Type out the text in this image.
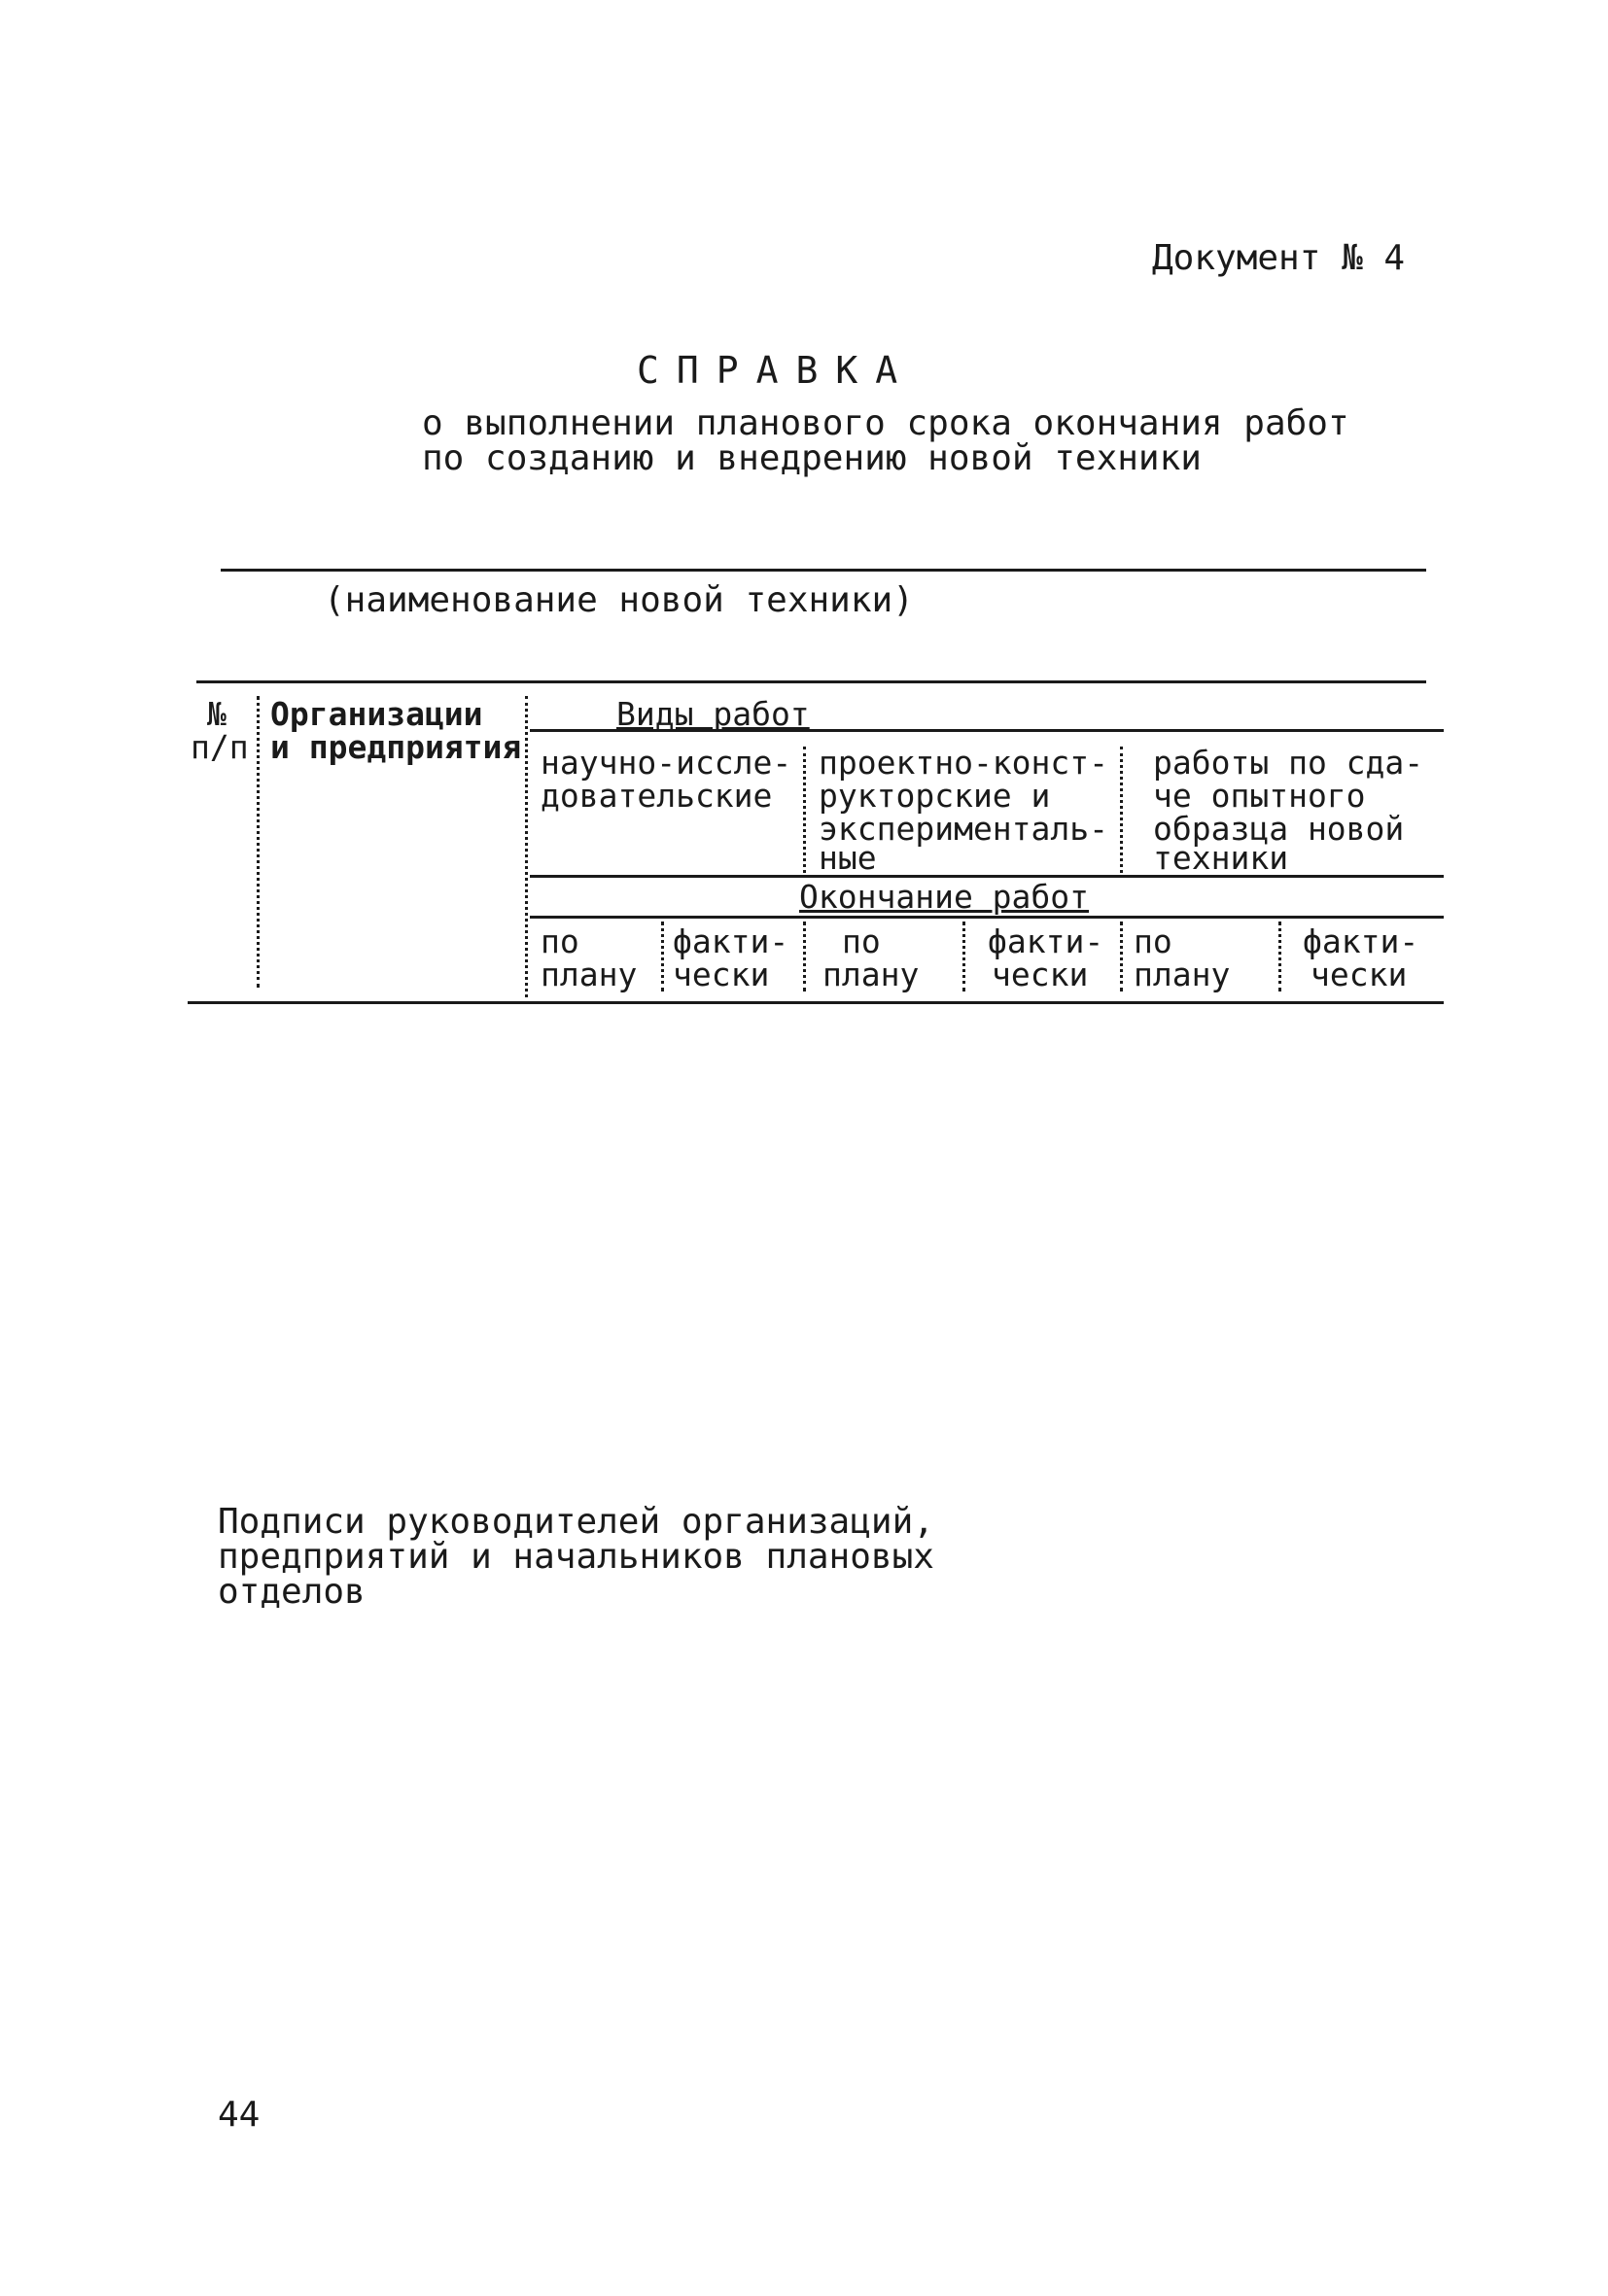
Документ № 4
СПРАВКА
о выполнении планового срока окончания работ
по созданию и внедрению новой техники
(наименование новой техники)
№
п/п
Организации
и предприятия
Виды работ
научно-иссле-
довательские
проектно-конст-
рукторские и
эксперименталь-
ные
работы по сда-
че опытного
образца новой
техники
Окончание работ
по
плану
факти-
чески
по
плану
факти-
чески
по
плану
факти-
чески
Подписи руководителей организаций,
предприятий и начальников плановых
отделов
44
